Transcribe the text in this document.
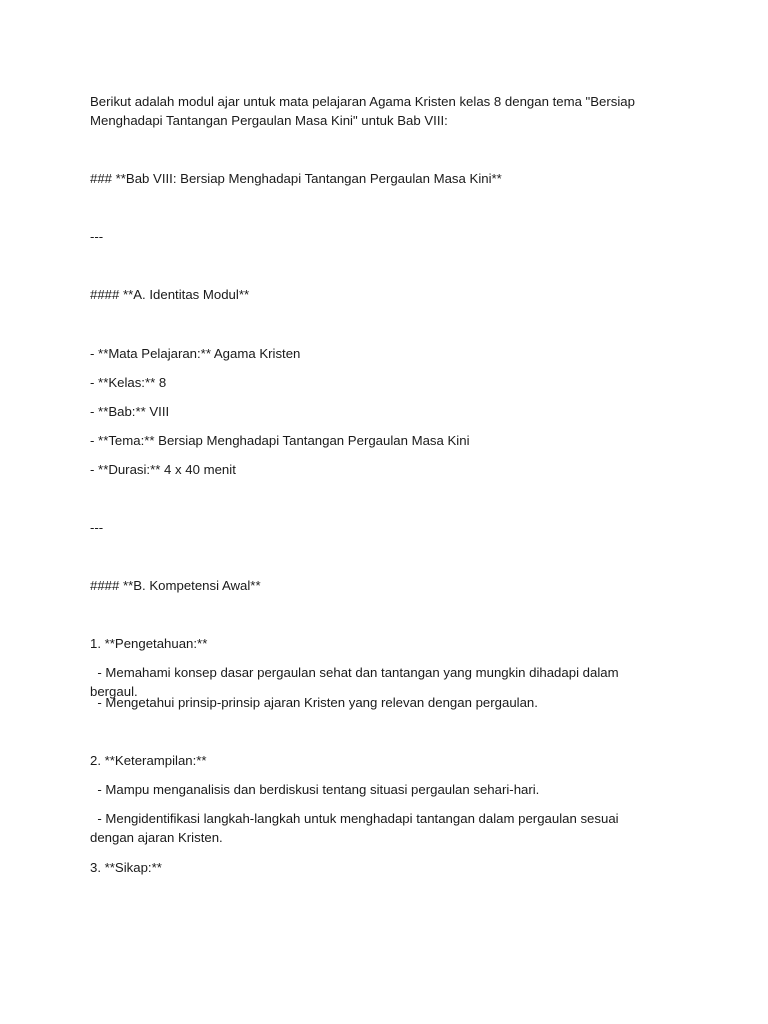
Berikut adalah modul ajar untuk mata pelajaran Agama Kristen kelas 8 dengan tema "Bersiap Menghadapi Tantangan Pergaulan Masa Kini" untuk Bab VIII:
### **Bab VIII: Bersiap Menghadapi Tantangan Pergaulan Masa Kini**
---
#### **A. Identitas Modul**
- **Mata Pelajaran:** Agama Kristen
- **Kelas:** 8
- **Bab:** VIII
- **Tema:** Bersiap Menghadapi Tantangan Pergaulan Masa Kini
- **Durasi:** 4 x 40 menit
---
#### **B. Kompetensi Awal**
1. **Pengetahuan:**
- Memahami konsep dasar pergaulan sehat dan tantangan yang mungkin dihadapi dalam bergaul.
- Mengetahui prinsip-prinsip ajaran Kristen yang relevan dengan pergaulan.
2. **Keterampilan:**
- Mampu menganalisis dan berdiskusi tentang situasi pergaulan sehari-hari.
- Mengidentifikasi langkah-langkah untuk menghadapi tantangan dalam pergaulan sesuai dengan ajaran Kristen.
3. **Sikap:**
